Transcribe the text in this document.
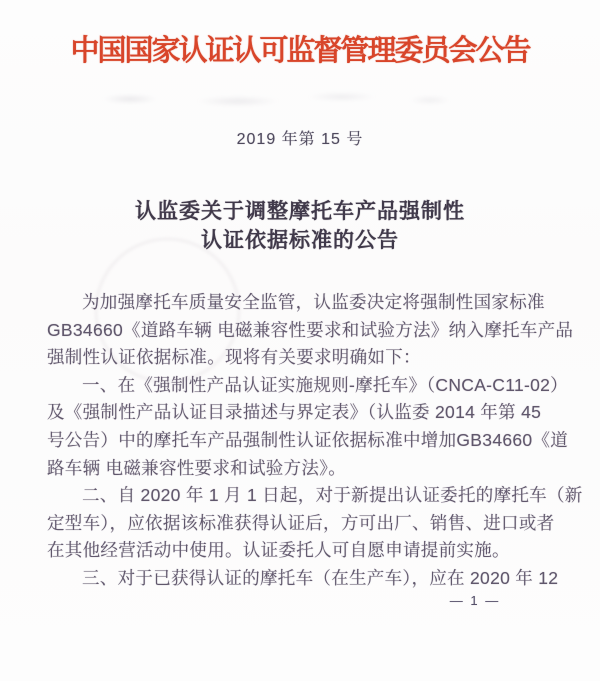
中国国家认证认可监督管理委员会公告
2019 年第 15 号
认监委关于调整摩托车产品强制性
认证依据标准的公告
为加强摩托车质量安全监管，认监委决定将强制性国家标准
GB34660《道路车辆 电磁兼容性要求和试验方法》纳入摩托车产品
强制性认证依据标准。现将有关要求明确如下：
一、在《强制性产品认证实施规则-摩托车》（CNCA-C11-02）
及《强制性产品认证目录描述与界定表》（认监委 2014 年第 45
号公告）中的摩托车产品强制性认证依据标准中增加GB34660《道
路车辆 电磁兼容性要求和试验方法》。
二、自 2020 年 1 月 1 日起，对于新提出认证委托的摩托车（新
定型车），应依据该标准获得认证后，方可出厂、销售、进口或者
在其他经营活动中使用。认证委托人可自愿申请提前实施。
三、对于已获得认证的摩托车（在生产车），应在 2020 年 12
— 1 —
